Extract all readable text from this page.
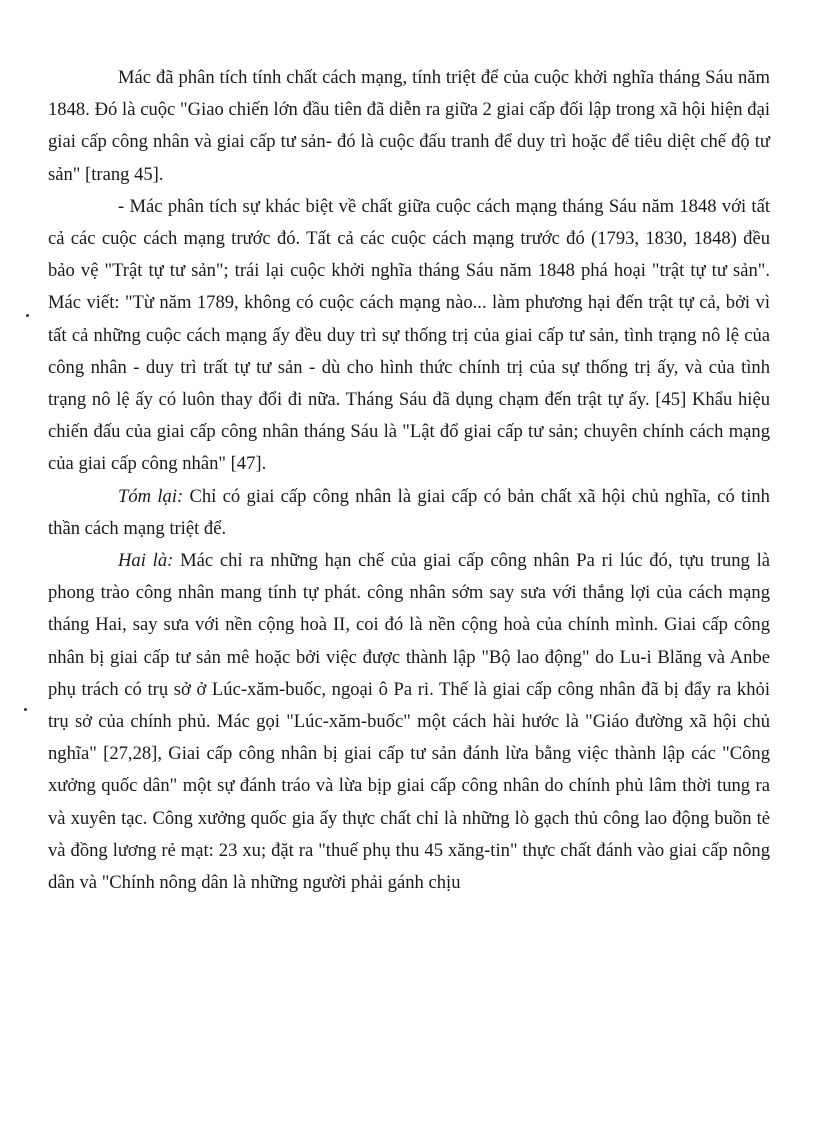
Mác đã phân tích tính chất cách mạng, tính triệt để của cuộc khởi nghĩa tháng Sáu năm 1848. Đó là cuộc "Giao chiến lớn đầu tiên đã diễn ra giữa 2 giai cấp đối lập trong xã hội hiện đại giai cấp công nhân và giai cấp tư sản- đó là cuộc đấu tranh để duy trì hoặc để tiêu diệt chế độ tư sản" [trang 45].

- Mác phân tích sự khác biệt về chất giữa cuộc cách mạng tháng Sáu năm 1848 với tất cả các cuộc cách mạng trước đó. Tất cả các cuộc cách mạng trước đó (1793, 1830, 1848) đều bảo vệ "Trật tự tư sản"; trái lại cuộc khởi nghĩa tháng Sáu năm 1848 phá hoại "trật tự tư sản". Mác viết: "Từ năm 1789, không có cuộc cách mạng nào... làm phương hại đến trật tự cả, bởi vì tất cả những cuộc cách mạng ấy đều duy trì sự thống trị của giai cấp tư sản, tình trạng nô lệ của công nhân - duy trì trất tự tư sản - dù cho hình thức chính trị của sự thống trị ấy, và của tình trạng nô lệ ấy có luôn thay đổi đi nữa. Tháng Sáu đã dụng chạm đến trật tự ấy. [45] Khẩu hiệu chiến đấu của giai cấp công nhân tháng Sáu là "Lật đổ giai cấp tư sản; chuyên chính cách mạng của giai cấp công nhân" [47].

Tóm lại: Chỉ có giai cấp công nhân là giai cấp có bản chất xã hội chủ nghĩa, có tinh thần cách mạng triệt để.

Hai là: Mác chỉ ra những hạn chế của giai cấp công nhân Pa ri lúc đó, tựu trung là phong trào công nhân mang tính tự phát. công nhân sớm say sưa với thắng lợi của cách mạng tháng Hai, say sưa với nền cộng hoà II, coi đó là nền cộng hoà của chính mình. Giai cấp công nhân bị giai cấp tư sản mê hoặc bởi việc được thành lập "Bộ lao động" do Lu-i Blăng và Anbe phụ trách có trụ sở ở Lúc-xăm-buốc, ngoại ô Pa ri. Thế là giai cấp công nhân đã bị đẩy ra khỏi trụ sở của chính phủ. Mác gọi "Lúc-xăm-buốc" một cách hài hước là "Giáo đường xã hội chủ nghĩa" [27,28], Giai cấp công nhân bị giai cấp tư sản đánh lừa bằng việc thành lập các "Công xưởng quốc dân" một sự đánh tráo và lừa bịp giai cấp công nhân do chính phủ lâm thời tung ra và xuyên tạc. Công xưởng quốc gia ấy thực chất chỉ là những lò gạch thủ công lao động buồn tẻ và đồng lương rẻ mạt: 23 xu; đặt ra "thuế phụ thu 45 xăng-tin" thực chất đánh vào giai cấp nông dân và "Chính nông dân là những người phải gánh chịu
